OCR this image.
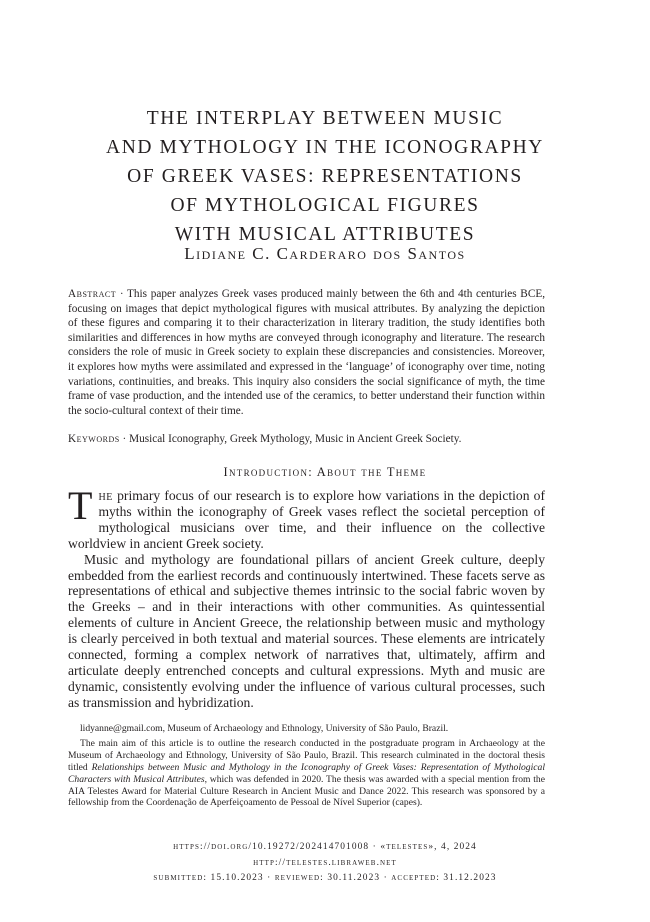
THE INTERPLAY BETWEEN MUSIC
AND MYTHOLOGY IN THE ICONOGRAPHY
OF GREEK VASES: REPRESENTATIONS
OF MYTHOLOGICAL FIGURES
WITH MUSICAL ATTRIBUTES
Lidiane C. Carderaro dos Santos
Abstract · This paper analyzes Greek vases produced mainly between the 6th and 4th centuries BCE, focusing on images that depict mythological figures with musical attributes. By analyzing the depiction of these figures and comparing it to their characterization in literary tradition, the study identifies both similarities and differences in how myths are conveyed through iconography and literature. The research considers the role of music in Greek society to explain these discrepancies and consistencies. Moreover, it explores how myths were assimilated and expressed in the ‘language’ of iconography over time, noting variations, continuities, and breaks. This inquiry also considers the social significance of myth, the time frame of vase production, and the intended use of the ceramics, to better understand their function within the socio-cultural context of their time.
Keywords · Musical Iconography, Greek Mythology, Music in Ancient Greek Society.
Introduction: About the Theme

The primary focus of our research is to explore how variations in the depiction of myths within the iconography of Greek vases reflect the societal perception of mythological musicians over time, and their influence on the collective worldview in ancient Greek society.

Music and mythology are foundational pillars of ancient Greek culture, deeply embedded from the earliest records and continuously intertwined. These facets serve as representations of ethical and subjective themes intrinsic to the social fabric woven by the Greeks – and in their interactions with other communities. As quintessential elements of culture in Ancient Greece, the relationship between music and mythology is clearly perceived in both textual and material sources. These elements are intricately connected, forming a complex network of narratives that, ultimately, affirm and articulate deeply entrenched concepts and cultural expressions. Myth and music are dynamic, consistently evolving under the influence of various cultural processes, such as transmission and hybridization.

lidyanne@gmail.com, Museum of Archaeology and Ethnology, University of São Paulo, Brazil.

The main aim of this article is to outline the research conducted in the postgraduate program in Archaeology at the Museum of Archaeology and Ethnology, University of São Paulo, Brazil. This research culminated in the doctoral thesis titled Relationships between Music and Mythology in the Iconography of Greek Vases: Representation of Mythological Characters with Musical Attributes, which was defended in 2020. The thesis was awarded with a special mention from the AIA Telestes Award for Material Culture Research in Ancient Music and Dance 2022. This research was sponsored by a fellowship from the Coordenação de Aperfeiçoamento de Pessoal de Nível Superior (capes).

https://doi.org/10.19272/202414701008 · «telestes», 4, 2024
http://telestes.libraweb.net
submitted: 15.10.2023 · reviewed: 30.11.2023 · accepted: 31.12.2023
